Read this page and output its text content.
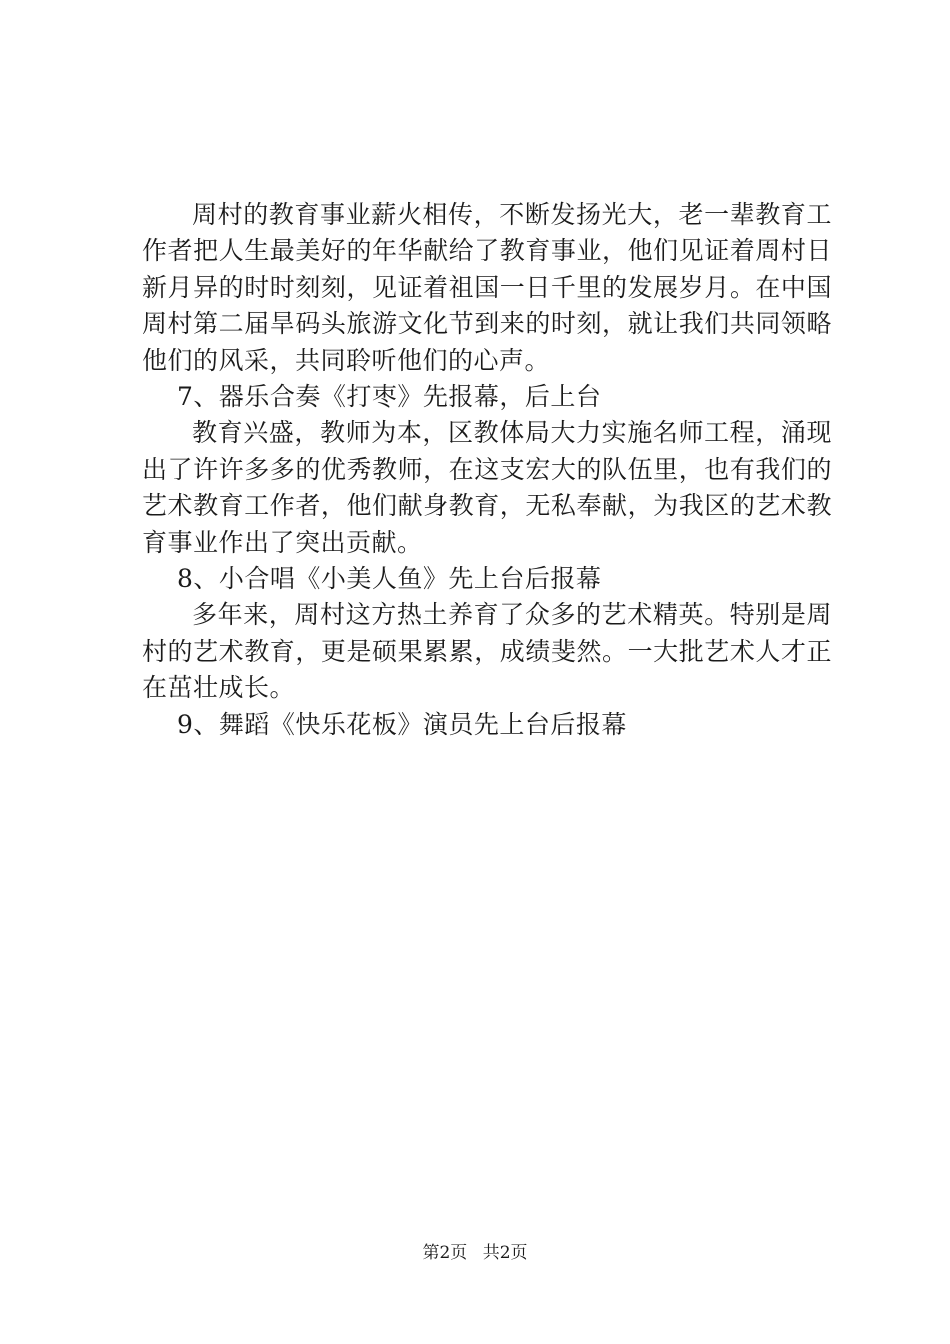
周村的教育事业薪火相传，不断发扬光大，老一辈教育工作者把人生最美好的年华献给了教育事业，他们见证着周村日新月异的时时刻刻，见证着祖国一日千里的发展岁月。在中国周村第二届旱码头旅游文化节到来的时刻，就让我们共同领略他们的风采，共同聆听他们的心声。

7、器乐合奏《打枣》先报幕，后上台

教育兴盛，教师为本，区教体局大力实施名师工程，涌现出了许许多多的优秀教师，在这支宏大的队伍里，也有我们的艺术教育工作者，他们献身教育，无私奉献，为我区的艺术教育事业作出了突出贡献。

8、小合唱《小美人鱼》先上台后报幕

多年来，周村这方热土养育了众多的艺术精英。特别是周村的艺术教育，更是硕果累累，成绩斐然。一大批艺术人才正在茁壮成长。

9、舞蹈《快乐花板》演员先上台后报幕

第2页 共2页
